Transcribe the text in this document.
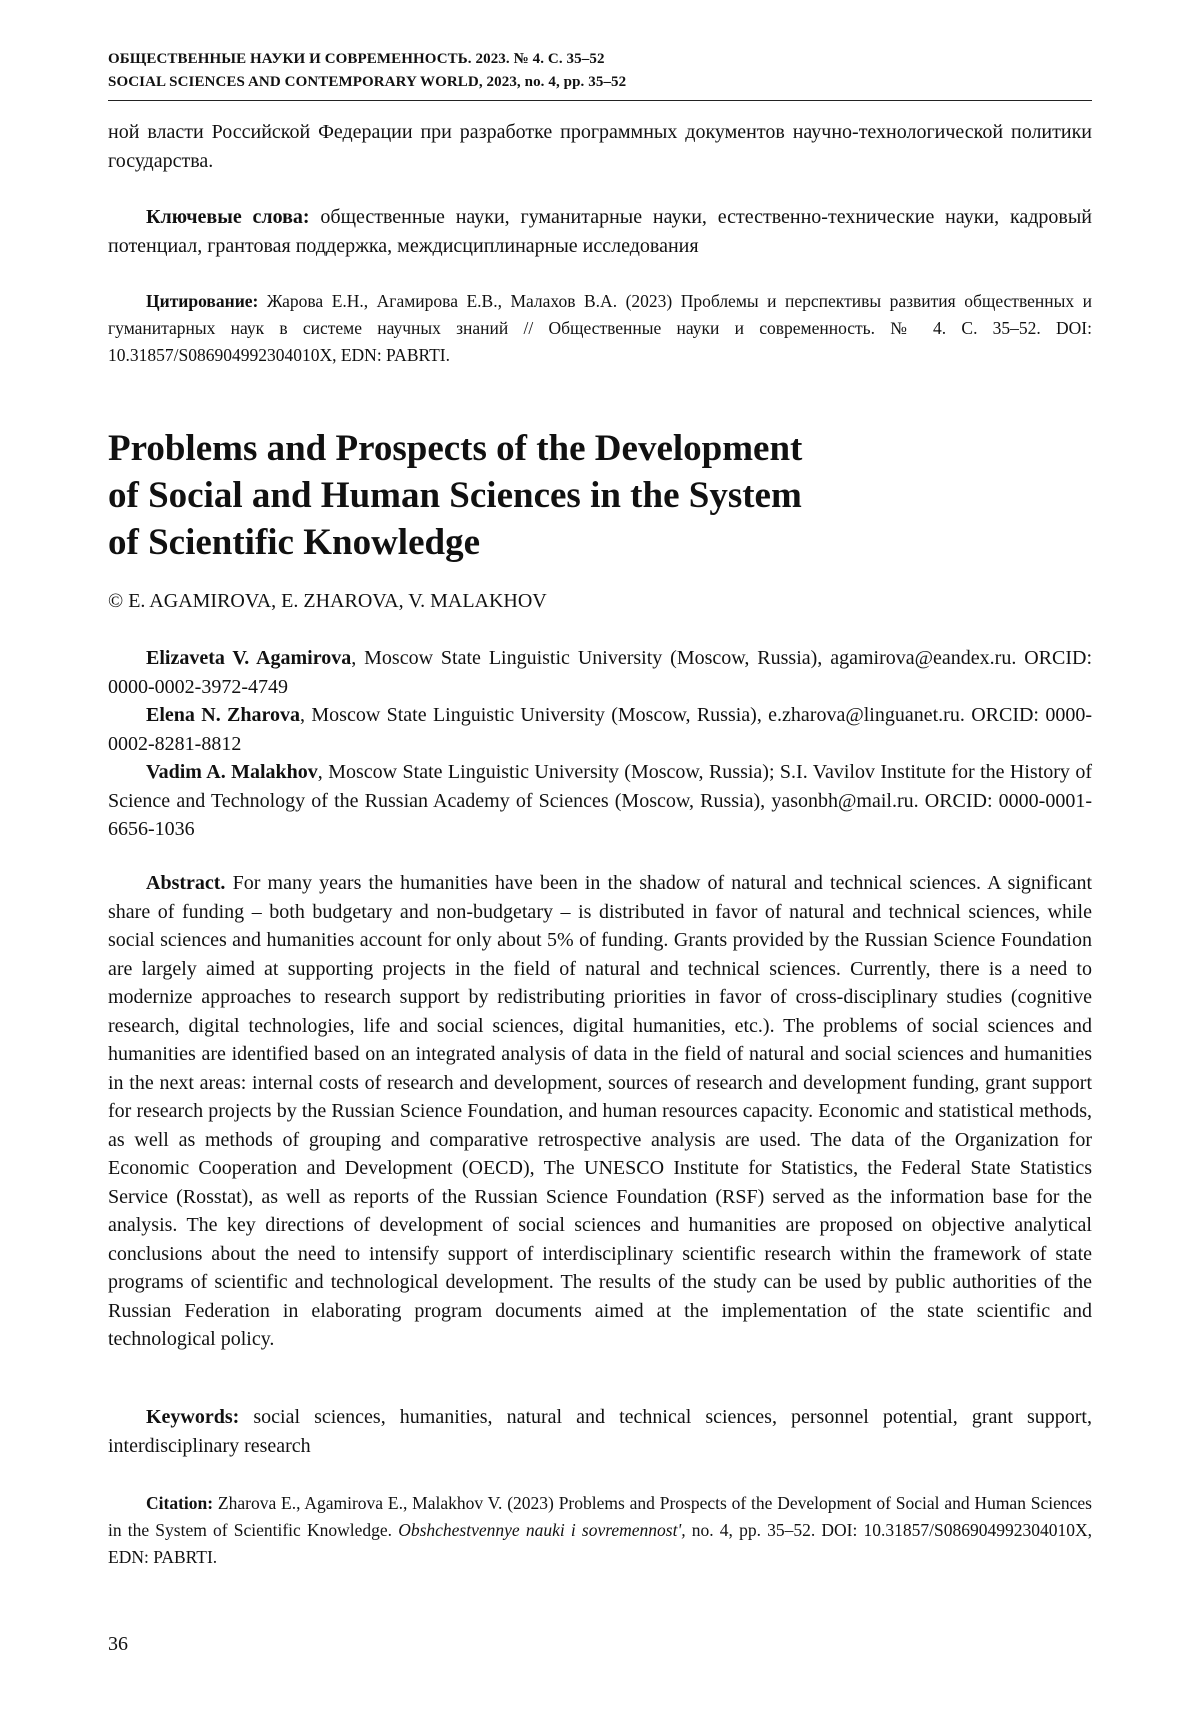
ОБЩЕСТВЕННЫЕ НАУКИ И СОВРЕМЕННОСТЬ. 2023. № 4. С. 35–52
SOCIAL SCIENCES AND CONTEMPORARY WORLD, 2023, no. 4, pp. 35–52

ной власти Российской Федерации при разработке программных документов научно-технологической политики государства.

Ключевые слова: общественные науки, гуманитарные науки, естественно-технические науки, кадровый потенциал, грантовая поддержка, междисциплинарные исследования

Цитирование: Жарова Е.Н., Агамирова Е.В., Малахов В.А. (2023) Проблемы и перспективы развития общественных и гуманитарных наук в системе научных знаний // Общественные науки и современность. № 4. С. 35–52. DOI: 10.31857/S086904992304010X, EDN: PABRTI.

Problems and Prospects of the Development
of Social and Human Sciences in the System
of Scientific Knowledge
© E. AGAMIROVA, E. ZHAROVA, V. MALAKHOV

Elizaveta V. Agamirova, Moscow State Linguistic University (Moscow, Russia), agamirova@eandex.ru. ORCID: 0000-0002-3972-4749

Elena N. Zharova, Moscow State Linguistic University (Moscow, Russia), e.zharova@linguanet.ru. ORCID: 0000-0002-8281-8812

Vadim A. Malakhov, Moscow State Linguistic University (Moscow, Russia); S.I. Vavilov Institute for the History of Science and Technology of the Russian Academy of Sciences (Moscow, Russia), yasonbh@mail.ru. ORCID: 0000-0001-6656-1036

Abstract. For many years the humanities have been in the shadow of natural and technical sciences. A significant share of funding – both budgetary and non-budgetary – is distributed in favor of natural and technical sciences, while social sciences and humanities account for only about 5% of funding. Grants provided by the Russian Science Foundation are largely aimed at supporting projects in the field of natural and technical sciences. Currently, there is a need to modernize approaches to research support by redistributing priorities in favor of cross-disciplinary studies (cognitive research, digital technologies, life and social sciences, digital humanities, etc.). The problems of social sciences and humanities are identified based on an integrated analysis of data in the field of natural and social sciences and humanities in the next areas: internal costs of research and development, sources of research and development funding, grant support for research projects by the Russian Science Foundation, and human resources capacity. Economic and statistical methods, as well as methods of grouping and comparative retrospective analysis are used. The data of the Organization for Economic Cooperation and Development (OECD), The UNESCO Institute for Statistics, the Federal State Statistics Service (Rosstat), as well as reports of the Russian Science Foundation (RSF) served as the information base for the analysis. The key directions of development of social sciences and humanities are proposed on objective analytical conclusions about the need to intensify support of interdisciplinary scientific research within the framework of state programs of scientific and technological development. The results of the study can be used by public authorities of the Russian Federation in elaborating program documents aimed at the implementation of the state scientific and technological policy.

Keywords: social sciences, humanities, natural and technical sciences, personnel potential, grant support, interdisciplinary research

Citation: Zharova E., Agamirova E., Malakhov V. (2023) Problems and Prospects of the Development of Social and Human Sciences in the System of Scientific Knowledge. Obshchestvennye nauki i sovremennost', no. 4, pp. 35–52. DOI: 10.31857/S086904992304010X, EDN: PABRTI.

36
